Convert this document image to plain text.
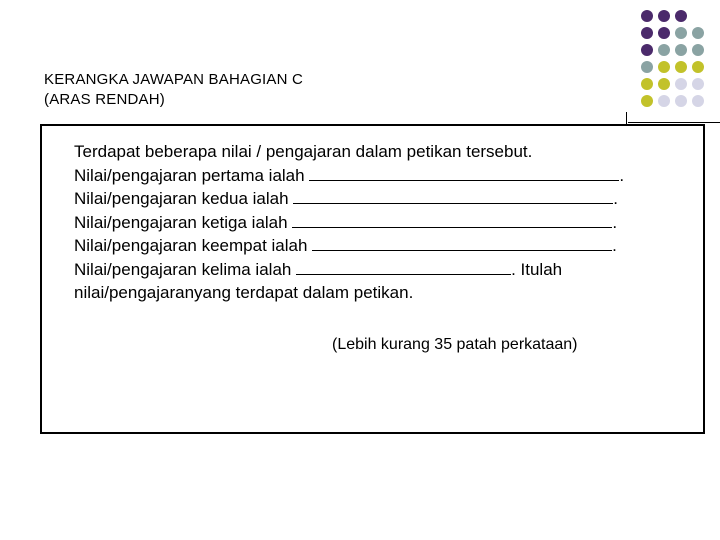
KERANGKA JAWAPAN BAHAGIAN C
(ARAS RENDAH)
Terdapat beberapa nilai / pengajaran dalam petikan tersebut.
Nilai/pengajaran pertama ialah	.
Nilai/pengajaran kedua ialah	.
Nilai/pengajaran ketiga ialah	.
Nilai/pengajaran keempat ialah	.
Nilai/pengajaran kelima ialah	. Itulah
nilai/pengajaranyang terdapat dalam petikan.
(Lebih kurang 35 patah perkataan)
